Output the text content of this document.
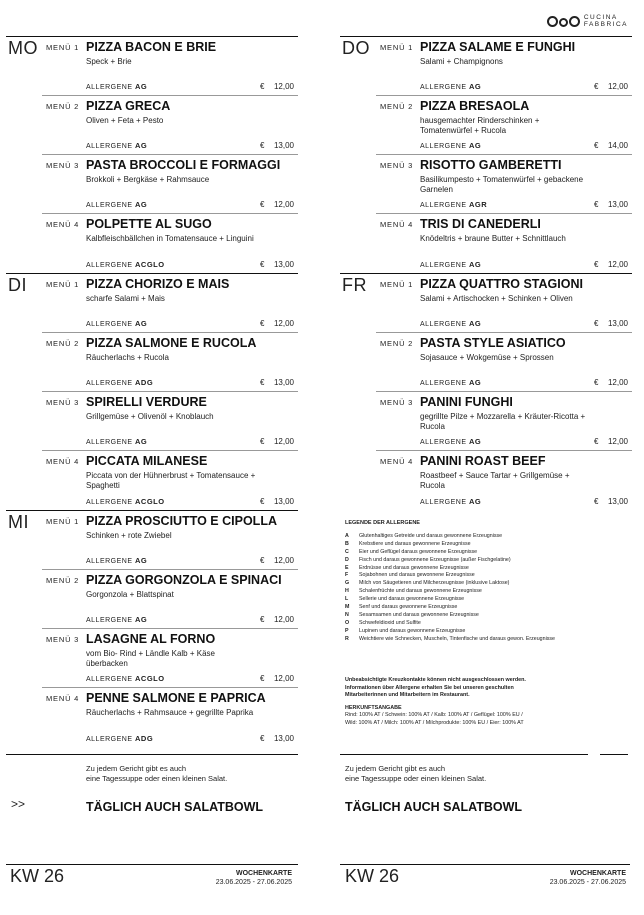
CUCINA
FABBRICA
MO MENÜ 1 PIZZA BACON E BRIE
Speck + Brie
ALLERGENE AG	€ 12,00
MENÜ 2 PIZZA GRECA
Oliven + Feta + Pesto
ALLERGENE AG	€ 13,00
MENÜ 3 PASTA BROCCOLI E FORMAGGI
Brokkoli + Bergkäse + Rahmsauce
ALLERGENE AG	€ 12,00
MENÜ 4 POLPETTE AL SUGO
Kalbfleischbällchen in Tomatensauce + Linguini
ALLERGENE ACGLO	€ 13,00
DI	MENÜ 1 PIZZA CHORIZO E MAIS
scharfe Salami + Mais
ALLERGENE AG	€ 12,00
MENÜ 2 PIZZA SALMONE E RUCOLA
Räucherlachs + Rucola
ALLERGENE ADG	€ 13,00
MENÜ 3 SPIRELLI VERDURE
Grillgemüse + Olivenöl + Knoblauch
ALLERGENE AG	€ 12,00
MENÜ 4 PICCATA MILANESE
Piccata von der Hühnerbrust + Tomatensauce + Spaghetti
ALLERGENE ACGLO	€ 13,00
MI MENÜ 1 PIZZA PROSCIUTTO E CIPOLLA
Schinken + rote Zwiebel
ALLERGENE AG	€ 12,00
MENÜ 2 PIZZA GORGONZOLA E SPINACI
Gorgonzola + Blattspinat
ALLERGENE AG	€ 12,00
MENÜ 3 LASAGNE AL FORNO
vom Bio- Rind + Ländle Kalb + Käse überbacken
ALLERGENE ACGLO	€ 12,00
MENÜ 4 PENNE SALMONE E PAPRICA
Räucherlachs + Rahmsauce + gegrillte Paprika
ALLERGENE ADG	€ 13,00
DO MENÜ 1 PIZZA SALAME E FUNGHI
Salami + Champignons
ALLERGENE AG	€ 12,00
MENÜ 2 PIZZA BRESAOLA
hausgemachter Rinderschinken + Tomatenwürfel + Rucola
ALLERGENE AG	€ 14,00
MENÜ 3 RISOTTO GAMBERETTI
Basilikumpesto + Tomatenwürfel + gebackene Garnelen
ALLERGENE AGR	€ 13,00
MENÜ 4 TRIS DI CANEDERLI
Knödeltris + braune Butter + Schnittlauch
ALLERGENE AG	€ 12,00
FR MENÜ 1 PIZZA QUATTRO STAGIONI
Salami + Artischocken + Schinken + Oliven
ALLERGENE AG	€ 13,00
MENÜ 2 PASTA STYLE ASIATICO
Sojasauce + Wokgemüse + Sprossen
ALLERGENE AG	€ 12,00
MENÜ 3 PANINI FUNGHI
gegrillte Pilze + Mozzarella + Kräuter-Ricotta + Rucola
ALLERGENE AG	€ 12,00
MENÜ 4 PANINI ROAST BEEF
Roastbeef + Sauce Tartar + Grillgemüse + Rucola
ALLERGENE AG	€ 13,00
LEGENDE DER ALLERGENE
A	Glutenhaltiges Getreide und daraus gewonnene Erzeugnisse
B	Krebstiere und daraus gewonnene Erzeugnisse
C	Eier und Geflügel daraus gewonnene Erzeugnisse
D	Fisch und daraus gewonnene Erzeugnisse (außer Fischgelatine)
E	Erdnüsse und daraus gewonnene Erzeugnisse
F	Sojabohnen und daraus gewonnene Erzeugnisse
G	Milch von Säugetieren und Milcherzeugnisse (inklusive Laktose)
H	Schalenfrüchte und daraus gewonnene Erzeugnisse
L	Sellerie und daraus gewonnene Erzeugnisse
M	Senf und daraus gewonnene Erzeugnisse
N	Sesamsamen und daraus gewonnene Erzeugnisse
O	Schwefeldioxid und Sulfite
P	Lupinen und daraus gewonnene Erzeugnisse
R	Weichtiere wie Schnecken, Muscheln, Tintenfische und daraus gewon. Erzeugnisse
Unbeabsichtigte Kreuzkontakte können nicht ausgeschlossen werden.
Informationen über Allergene erhalten Sie bei unseren geschulten
Mitarbeiterinnen und Mitarbeitern im Restaurant.
HERKUNFTSANGABE
Rind: 100% AT / Schwein: 100% AT / Kalb: 100% AT / Geflügel: 100% EU /
Wild: 100% AT / Milch: 100% AT / Milchprodukte: 100% EU / Eier: 100% AT
Zu jedem Gericht gibt es auch
eine Tagessuppe oder einen kleinen Salat.
>>	TÄGLICH AUCH SALATBOWL
Zu jedem Gericht gibt es auch
eine Tagessuppe oder einen kleinen Salat.
TÄGLICH AUCH SALATBOWL
KW 26	KW 26
WOCHENKARTE
23.06.2025 - 27.06.2025
WOCHENKARTE
23.06.2025 - 27.06.2025
